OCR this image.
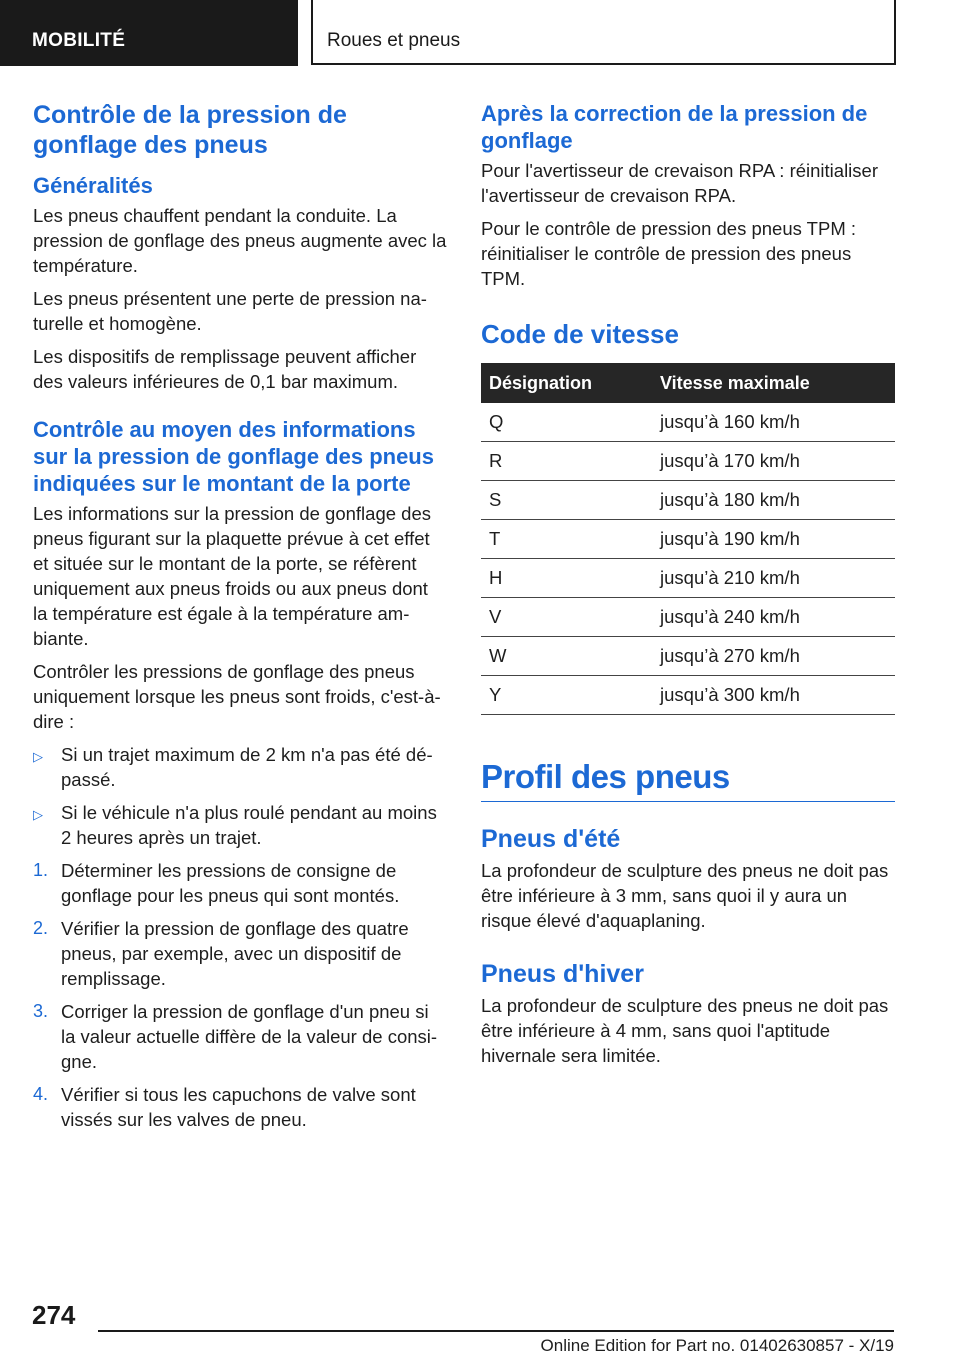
MOBILITÉ	Roues et pneus
Contrôle de la pression de gonflage des pneus
Généralités
Les pneus chauffent pendant la conduite. La pression de gonflage des pneus augmente avec la température.
Les pneus présentent une perte de pression naturelle et homogène.
Les dispositifs de remplissage peuvent afficher des valeurs inférieures de 0,1 bar maximum.
Contrôle au moyen des informations sur la pression de gonflage des pneus indiquées sur le montant de la porte
Les informations sur la pression de gonflage des pneus figurant sur la plaquette prévue à cet effet et située sur le montant de la porte, se réfèrent uniquement aux pneus froids ou aux pneus dont la température est égale à la température ambiante.
Contrôler les pressions de gonflage des pneus uniquement lorsque les pneus sont froids, c'est-à-dire :
▷ Si un trajet maximum de 2 km n'a pas été dépassé.
▷ Si le véhicule n'a plus roulé pendant au moins 2 heures après un trajet.
1. Déterminer les pressions de consigne de gonflage pour les pneus qui sont montés.
2. Vérifier la pression de gonflage des quatre pneus, par exemple, avec un dispositif de remplissage.
3. Corriger la pression de gonflage d'un pneu si la valeur actuelle diffère de la valeur de consigne.
4. Vérifier si tous les capuchons de valve sont vissés sur les valves de pneu.
Après la correction de la pression de gonflage
Pour l'avertisseur de crevaison RPA : réinitialiser l'avertisseur de crevaison RPA.
Pour le contrôle de pression des pneus TPM : réinitialiser le contrôle de pression des pneus TPM.
Code de vitesse
Désignation	Vitesse maximale
Q	jusqu’à 160 km/h
R	jusqu’à 170 km/h
S	jusqu’à 180 km/h
T	jusqu’à 190 km/h
H	jusqu’à 210 km/h
V	jusqu’à 240 km/h
W	jusqu’à 270 km/h
Y	jusqu’à 300 km/h
Profil des pneus
Pneus d'été
La profondeur de sculpture des pneus ne doit pas être inférieure à 3 mm, sans quoi il y aura un risque élevé d'aquaplaning.
Pneus d'hiver
La profondeur de sculpture des pneus ne doit pas être inférieure à 4 mm, sans quoi l'aptitude hivernale sera limitée.
274
Online Edition for Part no. 01402630857 - X/19
